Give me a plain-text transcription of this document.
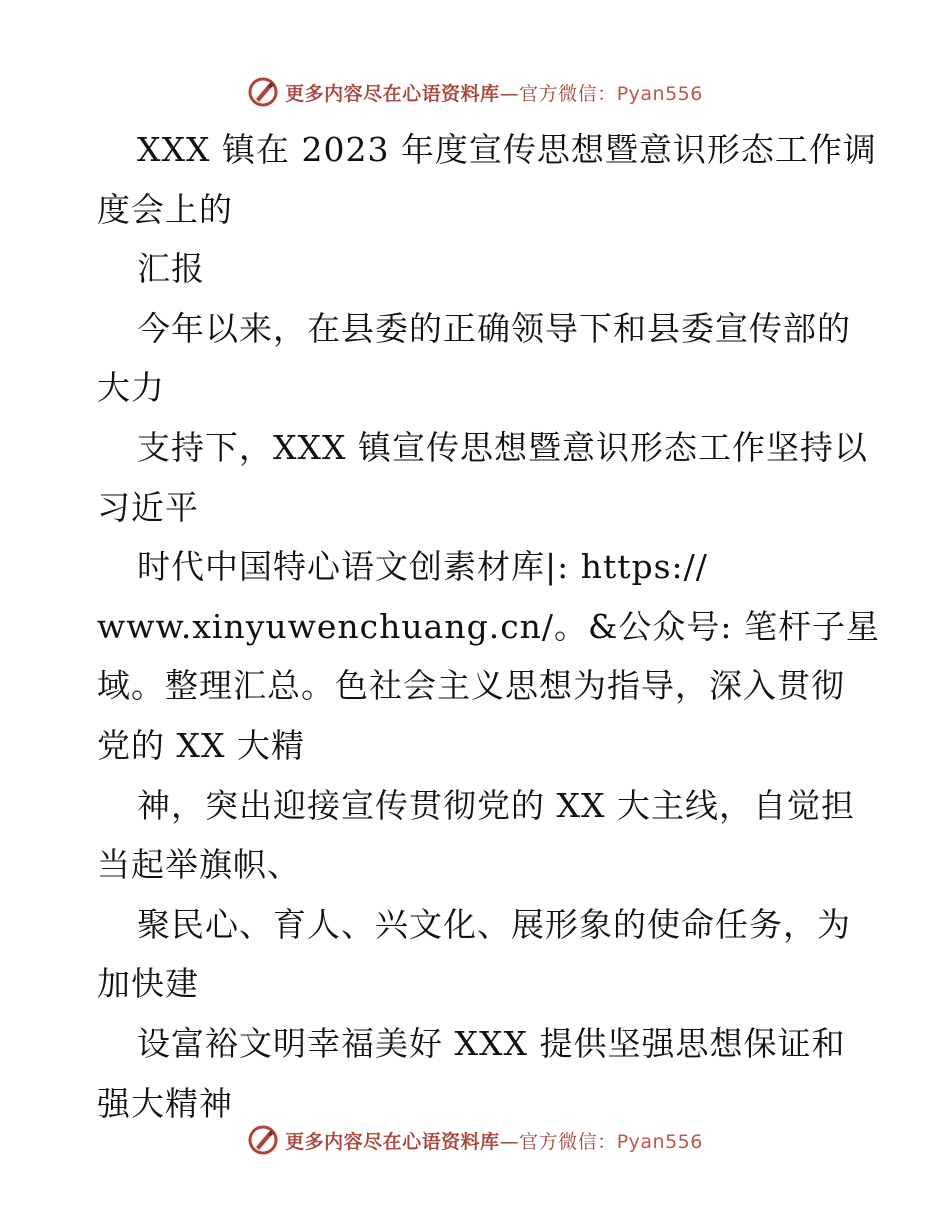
更多内容尽在心语资料库—官方微信：Pyan556
XXX 镇在 2023 年度宣传思想暨意识形态工作调
度会上的
汇报
今年以来，在县委的正确领导下和县委宣传部的
大力
支持下，XXX 镇宣传思想暨意识形态工作坚持以
习近平
时代中国特心语文创素材库|: https://
www.xinyuwenchuang.cn/。&公众号: 笔杆子星
域。整理汇总。色社会主义思想为指导，深入贯彻
党的 XX 大精
神，突出迎接宣传贯彻党的 XX 大主线，自觉担
当起举旗帜、
聚民心、育人、兴文化、展形象的使命任务，为
加快建
设富裕文明幸福美好 XXX 提供坚强思想保证和
强大精神
更多内容尽在心语资料库—官方微信：Pyan556
